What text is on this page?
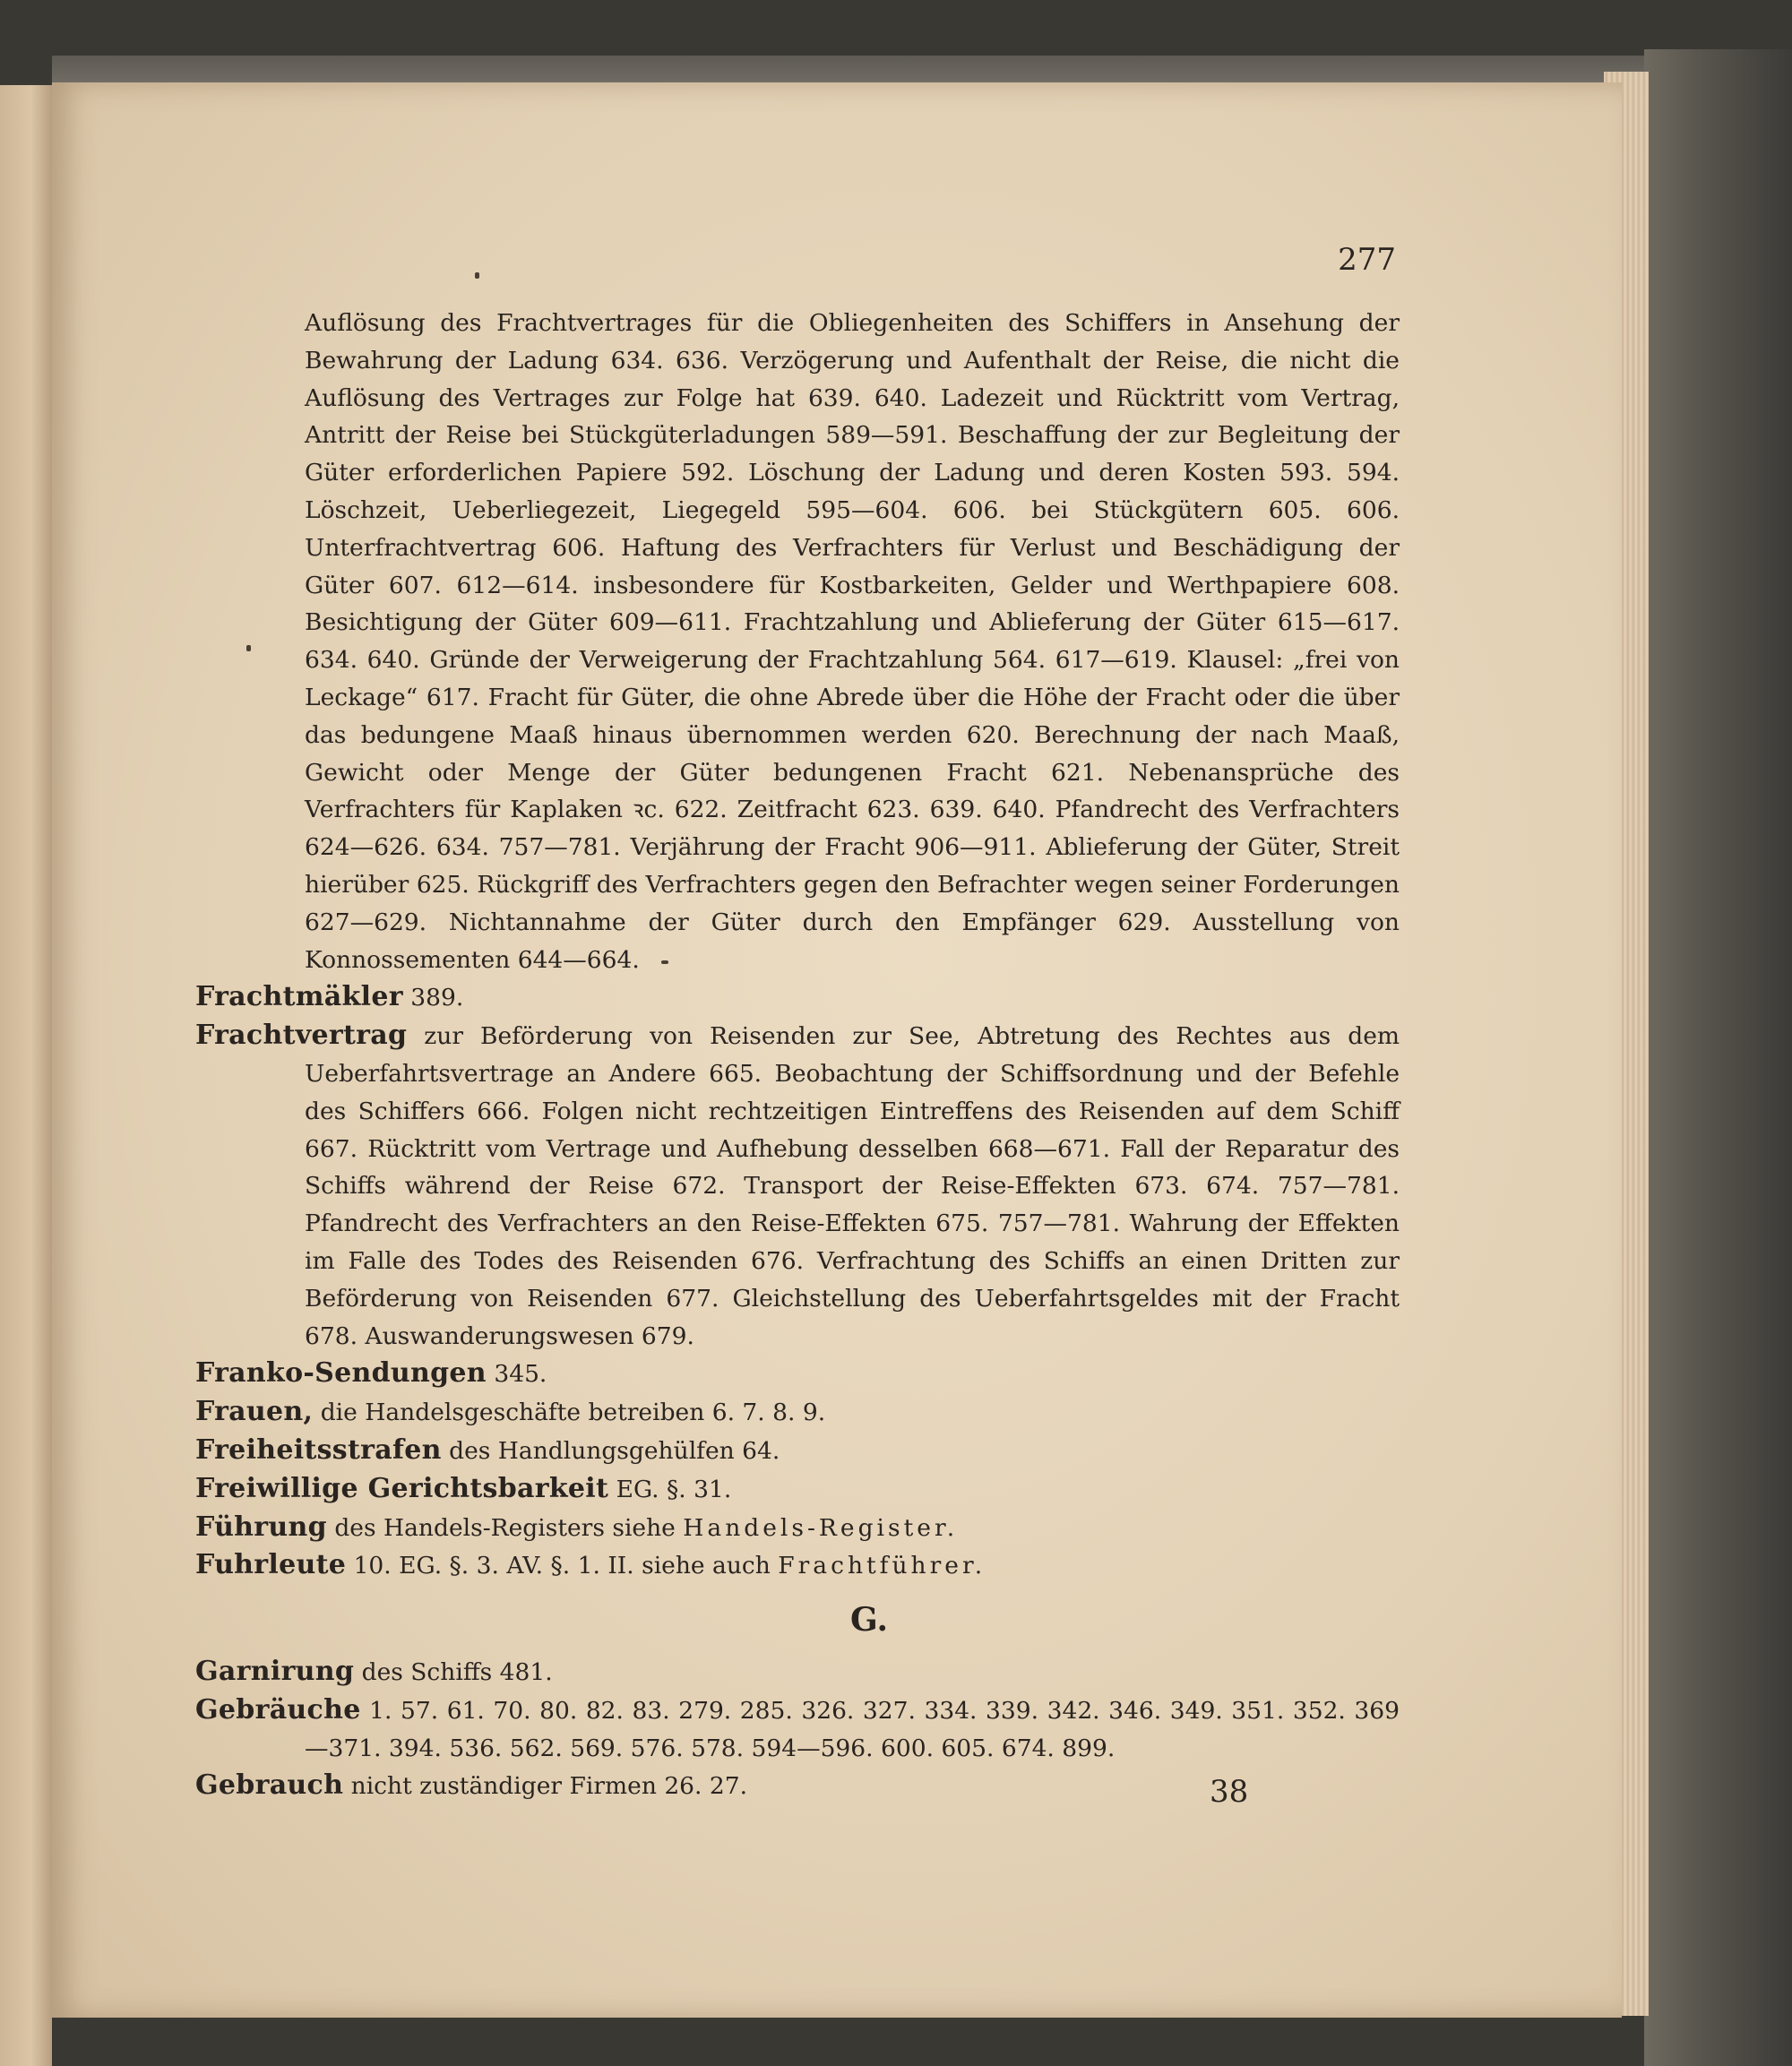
277

Auflösung des Frachtvertrages für die Obliegenheiten des Schiffers in Ansehung der Bewahrung der Ladung 634. 636. Verzögerung und Aufenthalt der Reise, die nicht die Auflösung des Vertrages zur Folge hat 639. 640. Ladezeit und Rücktritt vom Vertrag, Antritt der Reise bei Stückgüterladungen 589—591. Beschaffung der zur Begleitung der Güter erforderlichen Papiere 592. Löschung der Ladung und deren Kosten 593. 594. Löschzeit, Ueberliegezeit, Liegegeld 595—604. 606. bei Stückgütern 605. 606. Unterfrachtvertrag 606. Haftung des Verfrachters für Verlust und Beschädigung der Güter 607. 612—614. insbesondere für Kostbarkeiten, Gelder und Werthpapiere 608. Besichtigung der Güter 609—611. Frachtzahlung und Ablieferung der Güter 615—617. 634. 640. Gründe der Verweigerung der Frachtzahlung 564. 617—619. Klausel: „frei von Leckage“ 617. Fracht für Güter, die ohne Abrede über die Höhe der Fracht oder die über das bedungene Maaß hinaus übernommen werden 620. Berechnung der nach Maaß, Gewicht oder Menge der Güter bedungenen Fracht 621. Nebenansprüche des Verfrachters für Kaplaken ꝛc. 622. Zeitfracht 623. 639. 640. Pfandrecht des Verfrachters 624—626. 634. 757—781. Verjährung der Fracht 906—911. Ablieferung der Güter, Streit hierüber 625. Rückgriff des Verfrachters gegen den Befrachter wegen seiner Forderungen 627—629. Nichtannahme der Güter durch den Empfänger 629. Ausstellung von Konnossementen 644—664.

Frachtmäkler 389.

Frachtvertrag zur Beförderung von Reisenden zur See, Abtretung des Rechtes aus dem Ueberfahrtsvertrage an Andere 665. Beobachtung der Schiffsordnung und der Befehle des Schiffers 666. Folgen nicht rechtzeitigen Eintreffens des Reisenden auf dem Schiff 667. Rücktritt vom Vertrage und Aufhebung desselben 668—671. Fall der Reparatur des Schiffs während der Reise 672. Transport der Reise-Effekten 673. 674. 757—781. Pfandrecht des Verfrachters an den Reise-Effekten 675. 757—781. Wahrung der Effekten im Falle des Todes des Reisenden 676. Verfrachtung des Schiffs an einen Dritten zur Beförderung von Reisenden 677. Gleichstellung des Ueberfahrtsgeldes mit der Fracht 678. Auswanderungswesen 679.

Franko-Sendungen 345.

Frauen, die Handelsgeschäfte betreiben 6. 7. 8. 9.

Freiheitsstrafen des Handlungsgehülfen 64.

Freiwillige Gerichtsbarkeit EG. §. 31.

Führung des Handels-Registers siehe Handels-Register.

Fuhrleute 10. EG. §. 3. AV. §. 1. II. siehe auch Frachtführer.

G.

Garnirung des Schiffs 481.

Gebräuche 1. 57. 61. 70. 80. 82. 83. 279. 285. 326. 327. 334. 339. 342. 346. 349. 351. 352. 369—371. 394. 536. 562. 569. 576. 578. 594—596. 600. 605. 674. 899.

Gebrauch nicht zuständiger Firmen 26. 27.	38
